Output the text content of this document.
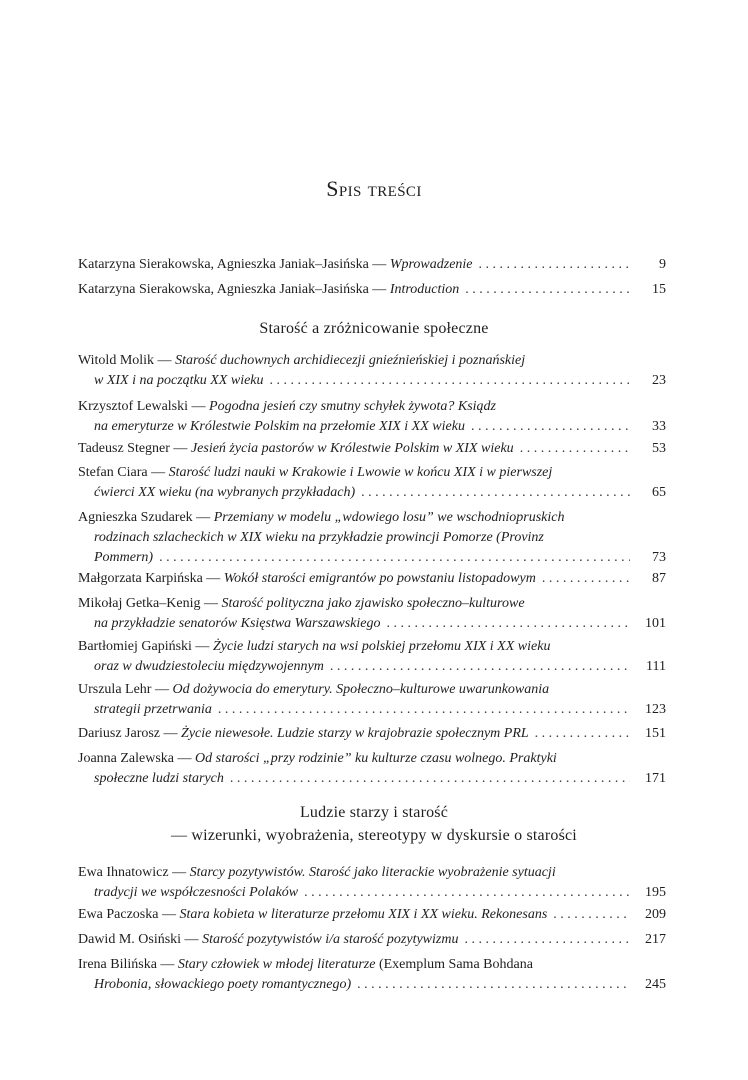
Spis treści
Katarzyna Sierakowska, Agnieszka Janiak–Jasińska — Wprowadzenie . . .	9
Katarzyna Sierakowska, Agnieszka Janiak–Jasińska — Introduction . . .	15
Starość a zróżnicowanie społeczne
Witold Molik — Starość duchownych archidiecezji gnieźnieńskiej i poznańskiej
w XIX i na początku XX wieku . . .	23
Krzysztof Lewalski — Pogodna jesień czy smutny schyłek żywota? Ksiądz
na emeryturze w Królestwie Polskim na przełomie XIX i XX wieku . . .	33
Tadeusz Stegner — Jesień życia pastorów w Królestwie Polskim w XIX wieku . . .	53
Stefan Ciara — Starość ludzi nauki w Krakowie i Lwowie w końcu XIX i w pierwszej
ćwierci XX wieku (na wybranych przykładach) . . .	65
Agnieszka Szudarek — Przemiany w modelu „wdowiego losu” we wschodniopruskich
rodzinach szlacheckich w XIX wieku na przykładzie prowincji Pomorze (Provinz
Pommern) . . .	73
Małgorzata Karpińska — Wokół starości emigrantów po powstaniu listopadowym . . .	87
Mikołaj Getka–Kenig — Starość polityczna jako zjawisko społeczno–kulturowe
na przykładzie senatorów Księstwa Warszawskiego . . .	101
Bartłomiej Gapiński — Życie ludzi starych na wsi polskiej przełomu XIX i XX wieku
oraz w dwudziestoleciu międzywojennym . . .	111
Urszula Lehr — Od dożywocia do emerytury. Społeczno–kulturowe uwarunkowania
strategii przetrwania . . .	123
Dariusz Jarosz — Życie niewesołe. Ludzie starzy w krajobrazie społecznym PRL . . .	151
Joanna Zalewska — Od starości „przy rodzinie” ku kulturze czasu wolnego. Praktyki
społeczne ludzi starych . . .	171
Ludzie starzy i starość
— wizerunki, wyobrażenia, stereotypy w dyskursie o starości
Ewa Ihnatowicz — Starcy pozytywistów. Starość jako literackie wyobrażenie sytuacji
tradycji we współczesności Polaków . . .	195
Ewa Paczoska — Stara kobieta w literaturze przełomu XIX i XX wieku. Rekonesans . . .	209
Dawid M. Osiński — Starość pozytywistów i/a starość pozytywizmu . . .	217
Irena Bilińska — Stary człowiek w młodej literaturze (Exemplum Sama Bohdana
Hrobonia, słowackiego poety romantycznego) . . .	245
